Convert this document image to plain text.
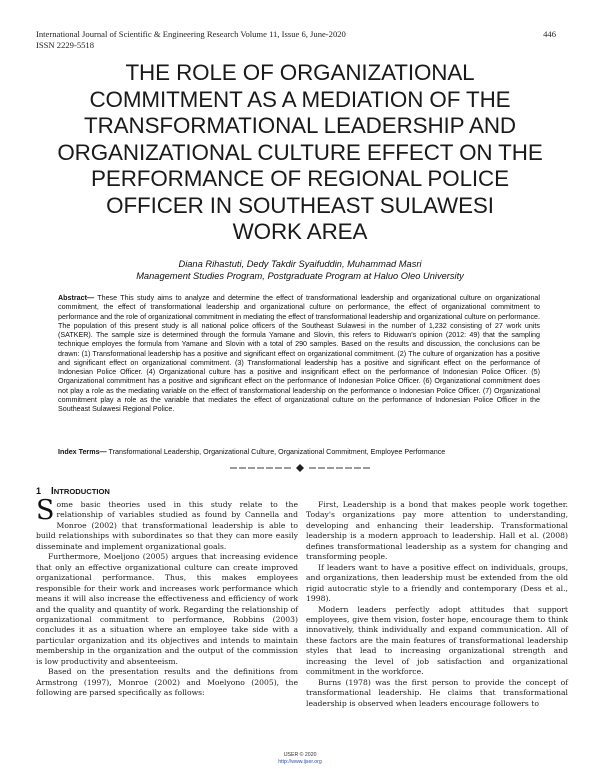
International Journal of Scientific & Engineering Research Volume 11, Issue 6, June-2020
ISSN 2229-5518
446
THE ROLE OF ORGANIZATIONAL
COMMITMENT AS A MEDIATION OF THE
TRANSFORMATIONAL LEADERSHIP AND
ORGANIZATIONAL CULTURE EFFECT ON THE
PERFORMANCE OF REGIONAL POLICE
OFFICER IN SOUTHEAST SULAWESI
WORK AREA
Diana Rihastuti, Dedy Takdir Syaifuddin, Muhammad Masri
Management Studies Program, Postgraduate Program at Haluo Oleo University
Abstract— These This study aims to analyze and determine the effect of transformational leadership and organizational culture on organizational commitment, the effect of transformational leadership and organizational culture on performance, the effect of organizational commitment to performance and the role of organizational commitment in mediating the effect of transformational leadership and organizational culture on performance. The population of this present study is all national police officers of the Southeast Sulawesi in the number of 1,232 consisting of 27 work units (SATKER). The sample size is determined through the formula Yamane and Slovin, this refers to Riduwan's opinion (2012: 49) that the sampling technique employes the formula from Yamane and Slovin with a total of 290 samples. Based on the results and discussion, the conclusions can be drawn: (1) Transformational leadership has a positive and significant effect on organizational commitment. (2) The culture of organization has a positive and significant effect on organizational commitment. (3) Transformational leadership has a positive and significant effect on the performance of Indonesian Police Officer. (4) Organizational culture has a positive and insignificant effect on the performance of Indonesian Police Officer. (5) Organizational commitment has a positive and significant effect on the performance of Indonesian Police Officer. (6) Organizational commitment does not play a role as the mediating variable on the effect of transformational leadership on the performance o Indonesian Police Officer. (7) Organizational commitment play a role as the variable that mediates the effect of organizational culture on the performance of Indonesian Police Officer in the Southeast Sulawesi Regional Police.
Index Terms— Transformational Leadership, Organizational Culture, Organizational Commitment, Employee Performance
1 INTRODUCTION

Some basic theories used in this study relate to the relationship of variables studied as found by Cannella and Monroe (2002) that transformational leadership is able to build relationships with subordinates so that they can more easily disseminate and implement organizational goals.

Furthermore, Moeljono (2005) argues that increasing evidence that only an effective organizational culture can create improved organizational performance. Thus, this makes employees responsible for their work and increases work performance which means it will also increase the effectiveness and efficiency of work and the quality and quantity of work. Regarding the relationship of organizational commitment to performance, Robbins (2003) concludes it as a situation where an employee take side with a particular organization and its objectives and intends to maintain membership in the organization and the output of the commission is low productivity and absenteeism.

Based on the presentation results and the definitions from Armstrong (1997), Monroe (2002) and Moelyono (2005), the following are parsed specifically as follows:

First, Leadership is a bond that makes people work together. Today's organizations pay more attention to understanding, developing and enhancing their leadership. Transformational leadership is a modern approach to leadership. Hall et al. (2008) defines transformational leadership as a system for changing and transforming people.

If leaders want to have a positive effect on individuals, groups, and organizations, then leadership must be extended from the old rigid autocratic style to a friendly and contemporary (Dess et al., 1998).

Modern leaders perfectly adopt attitudes that support employees, give them vision, foster hope, encourage them to think innovatively, think individually and expand communication. All of these factors are the main features of transformational leadership styles that lead to increasing organizational strength and increasing the level of job satisfaction and organizational commitment in the workforce.

Burns (1978) was the first person to provide the concept of transformational leadership. He claims that transformational leadership is observed when leaders encourage followers to

IJSER © 2020
http://www.ijser.org
